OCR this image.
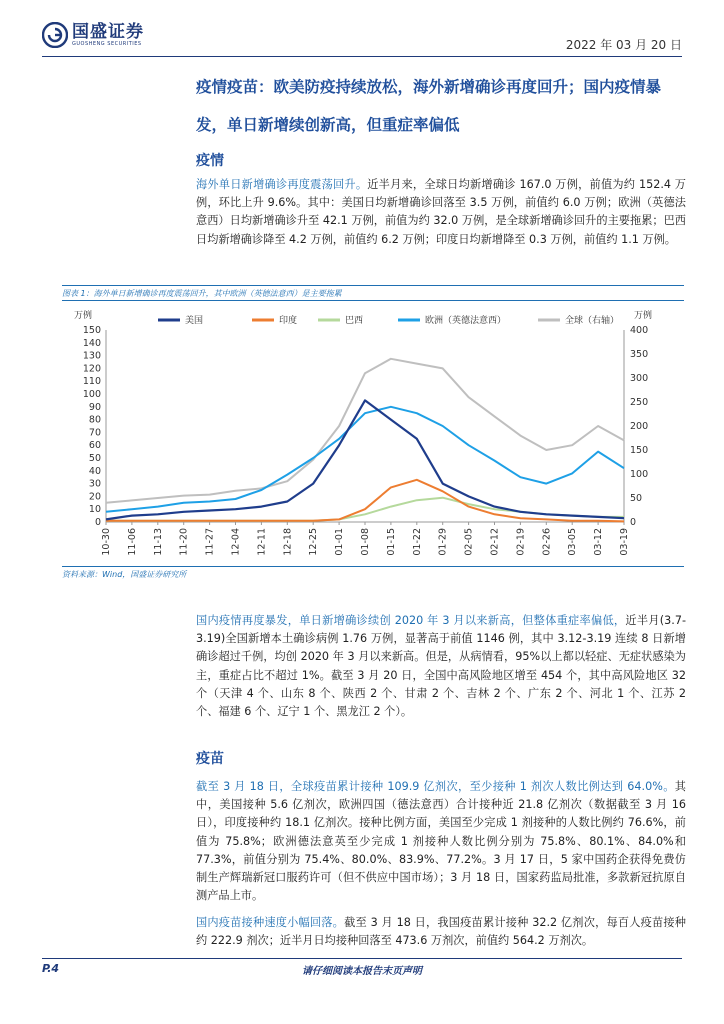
国盛证券
GUOSHENG SECURITIES	2022 年 03 月 20 日
疫情疫苗：欧美防疫持续放松，海外新增确诊再度回升；国内疫情暴发，单日新增续创新高，但重症率偏低
疫情

海外单日新增确诊再度震荡回升。近半月来，全球日均新增确诊 167.0 万例，前值为约 152.4 万例，环比上升 9.6%。其中：美国日均新增确诊回落至 3.5 万例，前值约 6.0 万例；欧洲（英德法意西）日均新增确诊升至 42.1 万例，前值为约 32.0 万例，是全球新增确诊回升的主要拖累；巴西日均新增确诊降至 4.2 万例，前值约 6.2 万例；印度日均新增降至 0.3 万例，前值约 1.1 万例。

图表 1：海外单日新增确诊再度震荡回升，其中欧洲（英德法意西）是主要拖累
万例	万例
0
10
20
30
40
50
60
70
80
90
100
110
120
130
140
150
0
50
100
150
200
250
300
350
400
10-30 11-06 11-13 11-20 11-27 12-04 12-11 12-18 12-25 01-01 01-08 01-15 01-22 01-29 02-05 02-12 02-19 02-26 03-05 03-12 03-19
美国	印度	巴西	欧洲（英德法意西）	全球（右轴）
资料来源：Wind，国盛证券研究所

国内疫情再度暴发，单日新增确诊续创 2020 年 3 月以来新高，但整体重症率偏低，近半月(3.7-3.19)全国新增本土确诊病例 1.76 万例，显著高于前值 1146 例，其中 3.12-3.19 连续 8 日新增确诊超过千例，均创 2020 年 3 月以来新高。但是，从病情看，95%以上都以轻症、无症状感染为主，重症占比不超过 1%。截至 3 月 20 日，全国中高风险地区增至 454 个，其中高风险地区 32 个（天津 4 个、山东 8 个、陕西 2 个、甘肃 2 个、吉林 2 个、广东 2 个、河北 1 个、江苏 2 个、福建 6 个、辽宁 1 个、黑龙江 2 个）。

疫苗

截至 3 月 18 日，全球疫苗累计接种 109.9 亿剂次，至少接种 1 剂次人数比例达到 64.0%。其中，美国接种 5.6 亿剂次，欧洲四国（德法意西）合计接种近 21.8 亿剂次（数据截至 3 月 16 日），印度接种约 18.1 亿剂次。接种比例方面，美国至少完成 1 剂接种的人数比例约 76.6%，前值为 75.8%；欧洲德法意英至少完成 1 剂接种人数比例分别为 75.8%、80.1%、84.0%和 77.3%，前值分别为 75.4%、80.0%、83.9%、77.2%。3 月 17 日，5 家中国药企获得免费仿制生产辉瑞新冠口服药许可（但不供应中国市场）；3 月 18 日，国家药监局批准，多款新冠抗原自测产品上市。

国内疫苗接种速度小幅回落。截至 3 月 18 日，我国疫苗累计接种 32.2 亿剂次，每百人疫苗接种约 222.9 剂次；近半月日均接种回落至 473.6 万剂次，前值约 564.2 万剂次。

P.4	请仔细阅读本报告末页声明
